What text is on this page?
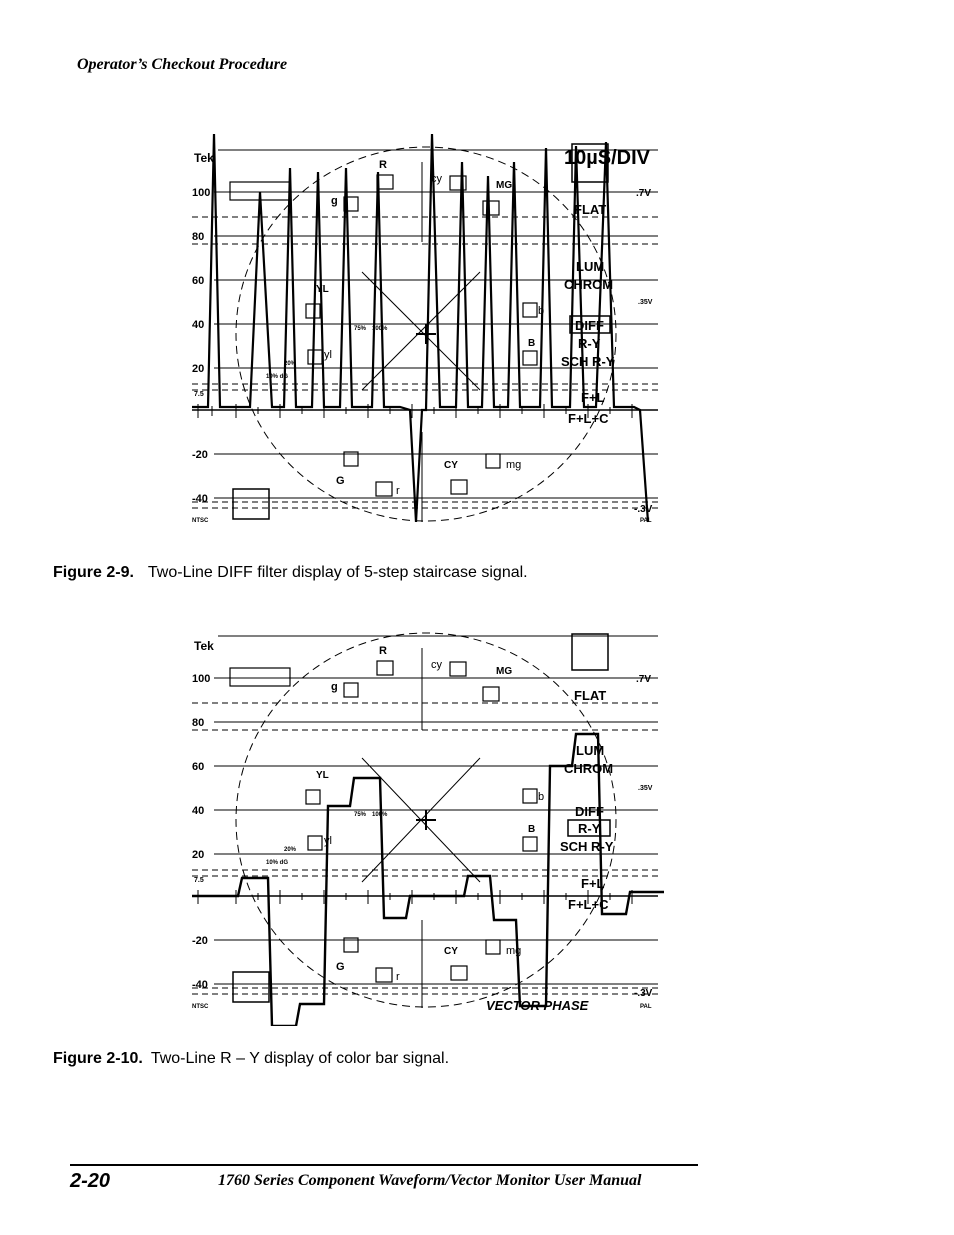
Operator’s Checkout Procedure
10µS/DIV
FLAT
LUM
CHROM
DIFF
R-Y
SCH R-Y
F+L
F+L+C
Tek
100
80
60
40
20
7.5
-20
-40
.7V
.35V
-.3V
NTSC	PAL
R
cy
MG
g
YL
b
yl
B
G
r
CY	mg
75% 100%
20%
10% dG
Figure 2-9. Two-Line DIFF filter display of 5-step staircase signal.
FLAT
LUM
CHROM
DIFF
R-Y
SCH R-Y
F+L
F+L+C
VECTOR PHASE
Tek
100
80
60
40
20
7.5
-20
-40
.7V
.35V
-.3V
NTSC	PAL
R
cy
MG
g
YL
b
yl
B
G
r
CY	mg
75% 100%
20%
10% dG
Figure 2-10. Two-Line R – Y display of color bar signal.
2-20	1760 Series Component Waveform/Vector Monitor User Manual
